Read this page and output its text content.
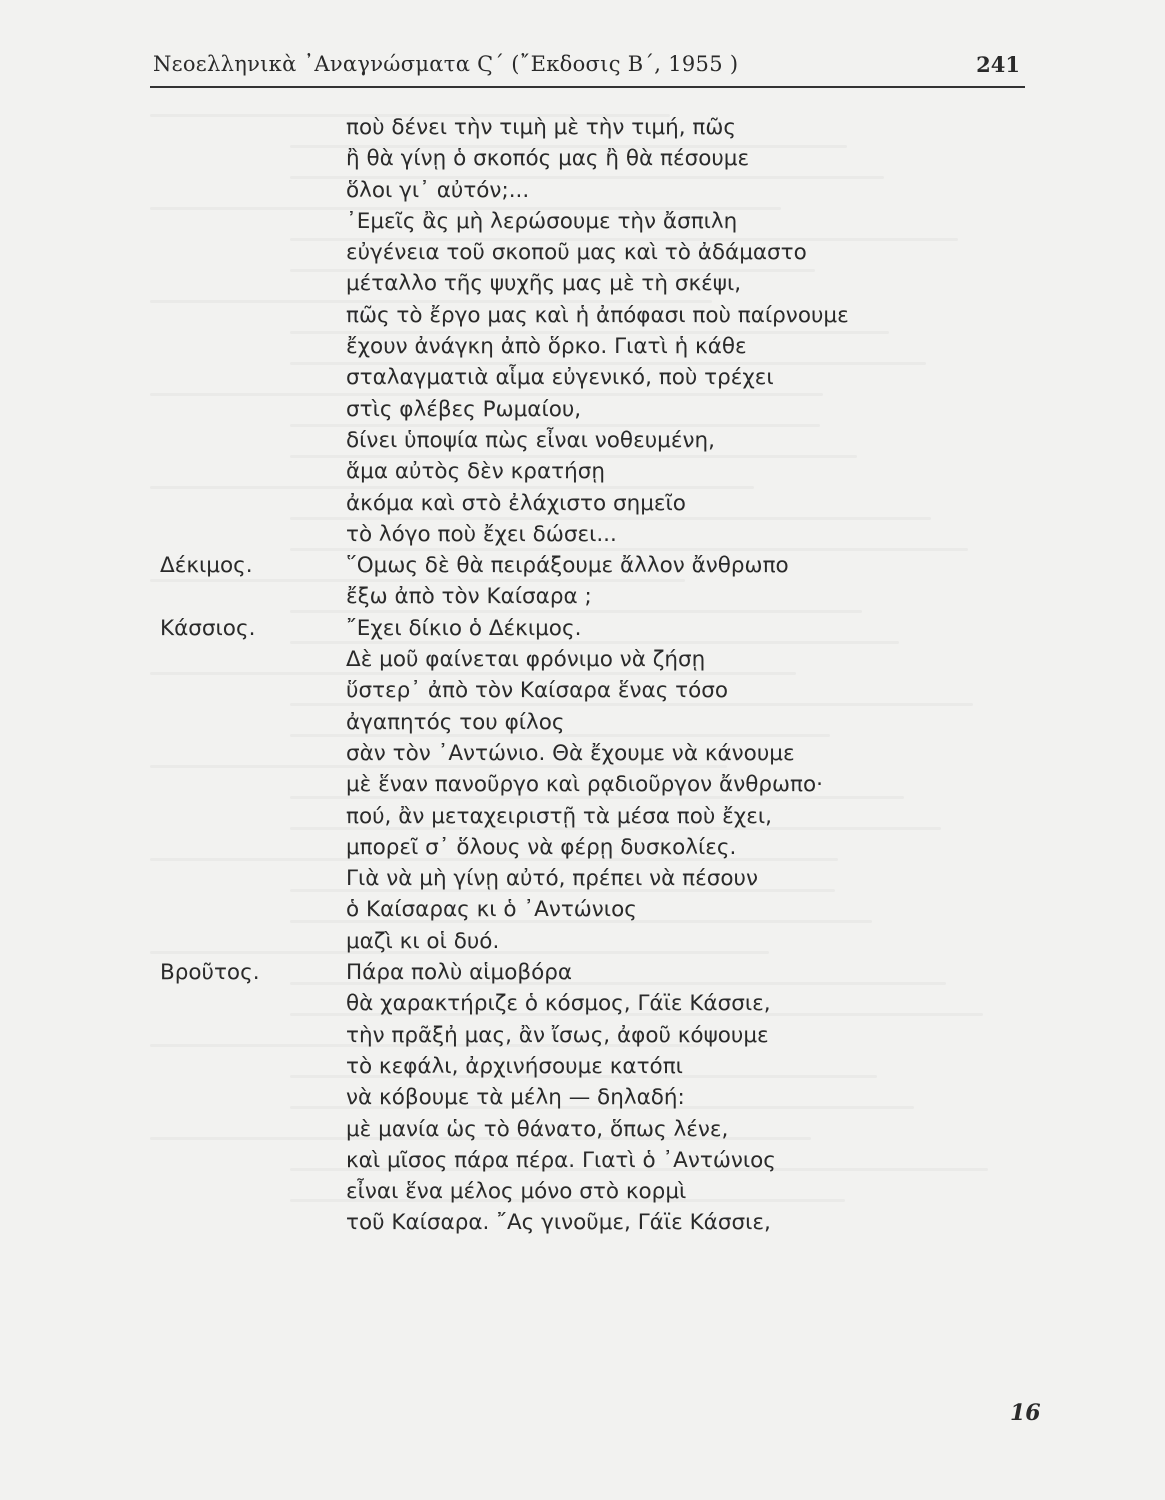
Νεοελληνικὰ ᾿Αναγνώσματα Ϛ΄ (῎Εκδοσις Β΄, 1955 )	241
ποὺ δένει τὴν τιμὴ μὲ τὴν τιμή, πῶς
ἢ θὰ γίνῃ ὁ σκοπός μας ἢ θὰ πέσουμε
ὅλοι γι᾿ αὐτόν;...
᾿Εμεῖς ἂς μὴ λερώσουμε τὴν ἄσπιλη
εὐγένεια τοῦ σκοποῦ μας καὶ τὸ ἀδάμαστο
μέταλλο τῆς ψυχῆς μας μὲ τὴ σκέψι,
πῶς τὸ ἔργο μας καὶ ἡ ἀπόφασι ποὺ παίρνουμε
ἔχουν ἀνάγκη ἀπὸ ὅρκο. Γιατὶ ἡ κάθε
σταλαγματιὰ αἷμα εὐγενικό, ποὺ τρέχει
στὶς φλέβες Ρωμαίου,
δίνει ὑποψία πὼς εἶναι νοθευμένη,
ἅμα αὐτὸς δὲν κρατήσῃ
ἀκόμα καὶ στὸ ἐλάχιστο σημεῖο
τὸ λόγο ποὺ ἔχει δώσει...
Δέκιμος.	῞Ομως δὲ θὰ πειράξουμε ἄλλον ἄνθρωπο
ἔξω ἀπὸ τὸν Καίσαρα ;
Κάσσιος.	῎Εχει δίκιο ὁ Δέκιμος.
Δὲ μοῦ φαίνεται φρόνιμο νὰ ζήσῃ
ὕστερ᾿ ἀπὸ τὸν Καίσαρα ἕνας τόσο
ἀγαπητός του φίλος
σὰν τὸν ᾿Αντώνιο. Θὰ ἔχουμε νὰ κάνουμε
μὲ ἕναν πανοῦργο καὶ ρᾳδιοῦργον ἄνθρωπο·
πού, ἂν μεταχειριστῇ τὰ μέσα ποὺ ἔχει,
μπορεῖ σ᾿ ὅλους νὰ φέρῃ δυσκολίες.
Γιὰ νὰ μὴ γίνῃ αὐτό, πρέπει νὰ πέσουν
ὁ Καίσαρας κι ὁ ᾿Αντώνιος
μαζὶ κι οἱ δυό.
Βροῦτος.	Πάρα πολὺ αἱμοβόρα
θὰ χαρακτήριζε ὁ κόσμος, Γάϊε Κάσσιε,
τὴν πρᾶξἠ μας, ἂν ἴσως, ἀφοῦ κόψουμε
τὸ κεφάλι, ἀρχινήσουμε κατόπι
νὰ κόβουμε τὰ μέλη — δηλαδή:
μὲ μανία ὡς τὸ θάνατο, ὅπως λένε,
καὶ μῖσος πάρα πέρα. Γιατὶ ὁ ᾿Αντώνιος
εἶναι ἕνα μέλος μόνο στὸ κορμὶ
τοῦ Καίσαρα. ῎Ας γινοῦμε, Γάϊε Κάσσιε,
16
